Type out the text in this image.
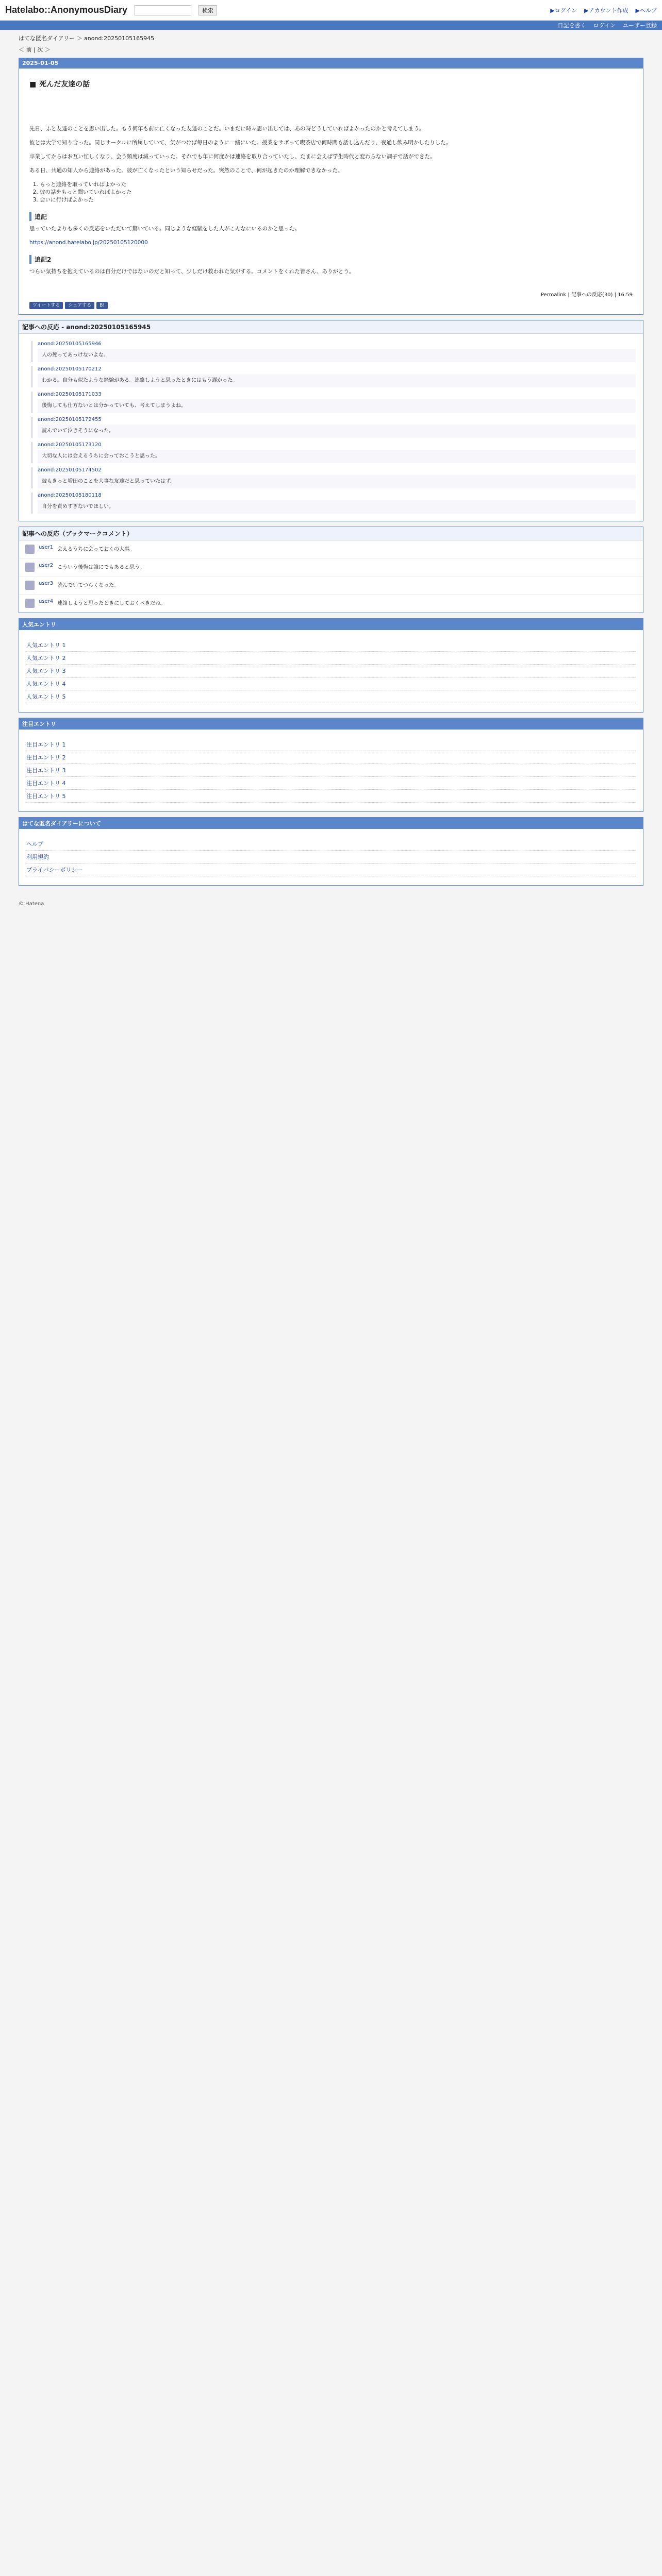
Hatelabo::AnonymousDiary	検索	▶ログイン ▶アカウント作成 ▶ヘルプ
日記を書く ログイン ユーザー登録
はてな匿名ダイアリー ＞ anond:20250105165945
＜ 前 | 次 ＞
2025-01-05
■ 死んだ友達の話

先日、ふと友達のことを思い出した。もう何年も前に亡くなった友達のことだ。いまだに時々思い出しては、あの時どうしていればよかったのかと考えてしまう。

彼とは大学で知り合った。同じサークルに所属していて、気がつけば毎日のように一緒にいた。授業をサボって喫茶店で何時間も話し込んだり、夜通し飲み明かしたりした。

卒業してからはお互い忙しくなり、会う頻度は減っていった。それでも年に何度かは連絡を取り合っていたし、たまに会えば学生時代と変わらない調子で話ができた。

ある日、共通の知人から連絡があった。彼が亡くなったという知らせだった。突然のことで、何が起きたのか理解できなかった。

1. もっと連絡を取っていればよかった
2. 彼の話をもっと聞いていればよかった
3. 会いに行けばよかった
追記

思っていたよりも多くの反応をいただいて驚いている。同じような経験をした人がこんなにいるのかと思った。

https://anond.hatelabo.jp/20250105120000

追記2

つらい気持ちを抱えているのは自分だけではないのだと知って、少しだけ救われた気がする。コメントをくれた皆さん、ありがとう。

Permalink | 記事への反応(30) | 16:59
ツイートする	シェアする	B!
記事への反応 - anond:20250105165945
anond:20250105165946
人の死ってあっけないよな。
anond:20250105170212
わかる。自分も似たような経験がある。連絡しようと思ったときにはもう遅かった。
anond:20250105171033
後悔しても仕方ないとは分かっていても、考えてしまうよね。
anond:20250105172455
読んでいて泣きそうになった。
anond:20250105173120
大切な人には会えるうちに会っておこうと思った。
anond:20250105174502
彼もきっと増田のことを大事な友達だと思っていたはず。
anond:20250105180118
自分を責めすぎないでほしい。
記事への反応（ブックマークコメント）
user1 会えるうちに会っておくの大事。
user2 こういう後悔は誰にでもあると思う。
user3 読んでいてつらくなった。
user4 連絡しようと思ったときにしておくべきだね。
人気エントリ
人気エントリ 1
人気エントリ 2
人気エントリ 3
人気エントリ 4
人気エントリ 5
注目エントリ
注目エントリ 1
注目エントリ 2
注目エントリ 3
注目エントリ 4
注目エントリ 5
はてな匿名ダイアリーについて
ヘルプ
利用規約
プライバシーポリシー
© Hatena
